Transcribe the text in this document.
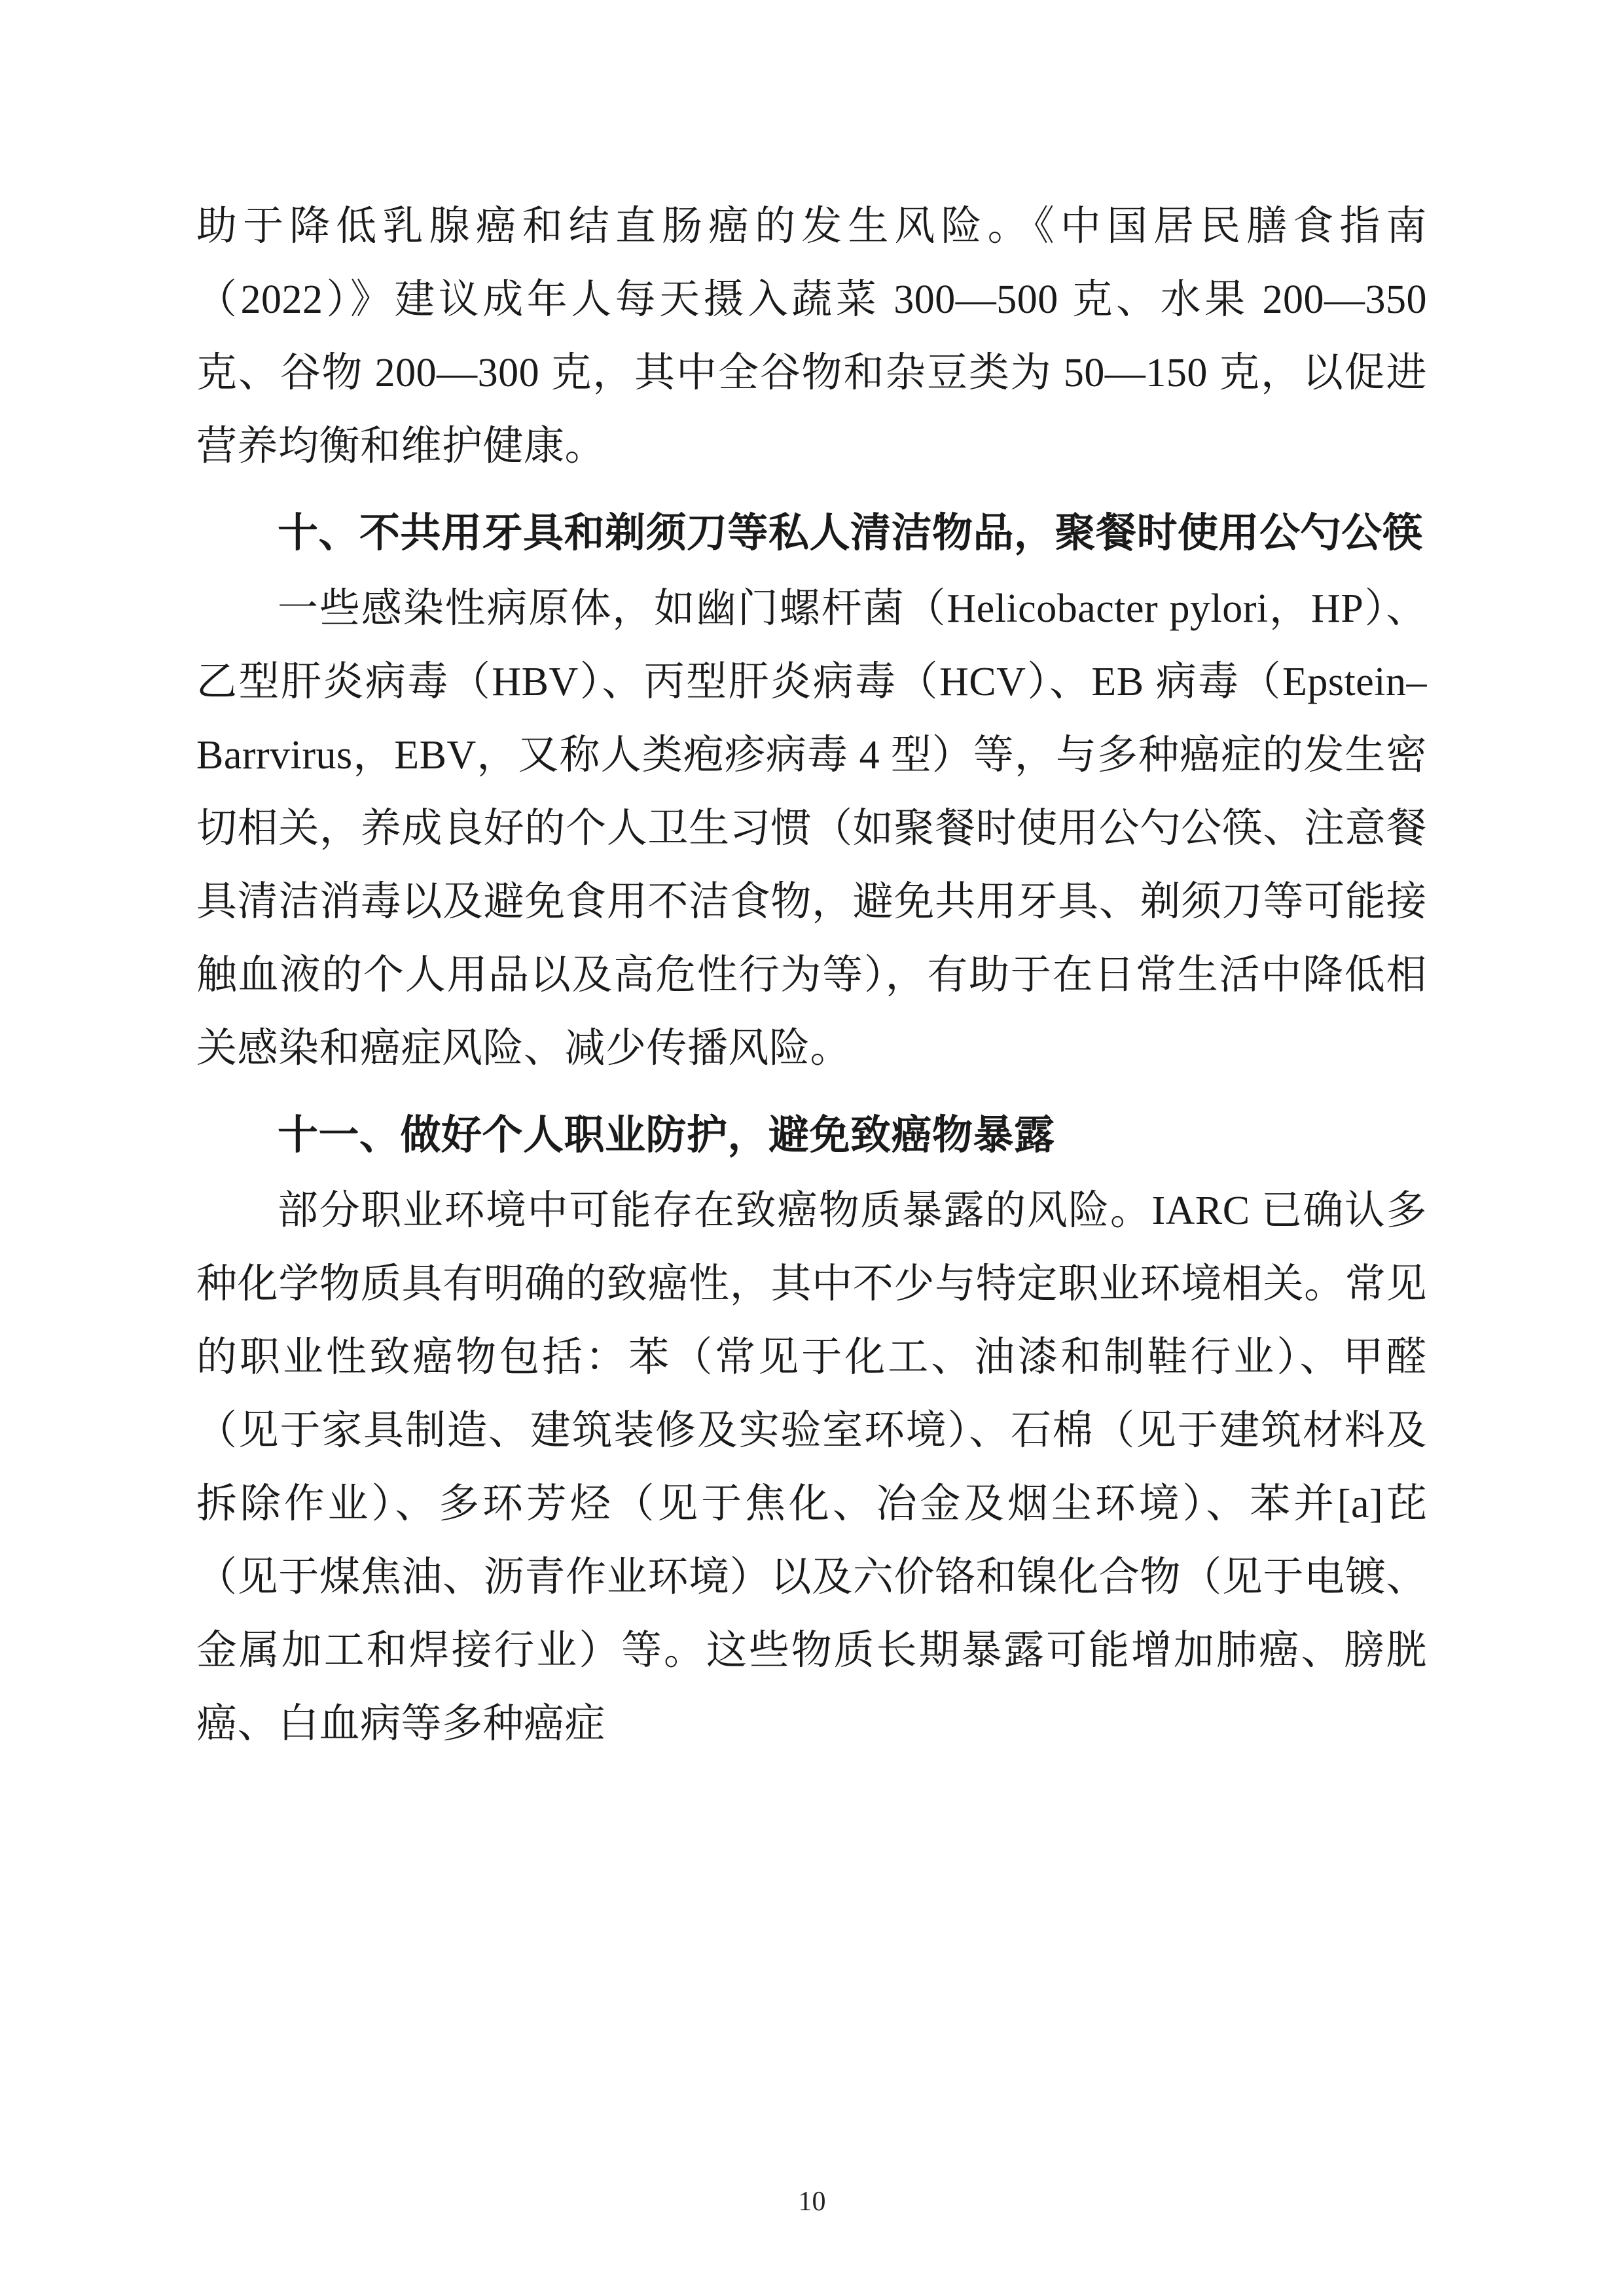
助于降低乳腺癌和结直肠癌的发生风险。《中国居民膳食指南（2022）》建议成年人每天摄入蔬菜 300—500 克、水果 200—350 克、谷物 200—300 克，其中全谷物和杂豆类为 50—150 克，以促进营养均衡和维护健康。

十、不共用牙具和剃须刀等私人清洁物品，聚餐时使用公勺公筷

一些感染性病原体，如幽门螺杆菌（Helicobacter pylori，HP）、乙型肝炎病毒（HBV）、丙型肝炎病毒（HCV）、EB 病毒（Epstein–Barrvirus，EBV，又称人类疱疹病毒 4 型）等，与多种癌症的发生密切相关，养成良好的个人卫生习惯（如聚餐时使用公勺公筷、注意餐具清洁消毒以及避免食用不洁食物，避免共用牙具、剃须刀等可能接触血液的个人用品以及高危性行为等），有助于在日常生活中降低相关感染和癌症风险、减少传播风险。

十一、做好个人职业防护，避免致癌物暴露

部分职业环境中可能存在致癌物质暴露的风险。IARC 已确认多种化学物质具有明确的致癌性，其中不少与特定职业环境相关。常见的职业性致癌物包括：苯（常见于化工、油漆和制鞋行业）、甲醛（见于家具制造、建筑装修及实验室环境）、石棉（见于建筑材料及拆除作业）、多环芳烃（见于焦化、冶金及烟尘环境）、苯并[a]芘（见于煤焦油、沥青作业环境）以及六价铬和镍化合物（见于电镀、金属加工和焊接行业）等。这些物质长期暴露可能增加肺癌、膀胱癌、白血病等多种癌症

10
